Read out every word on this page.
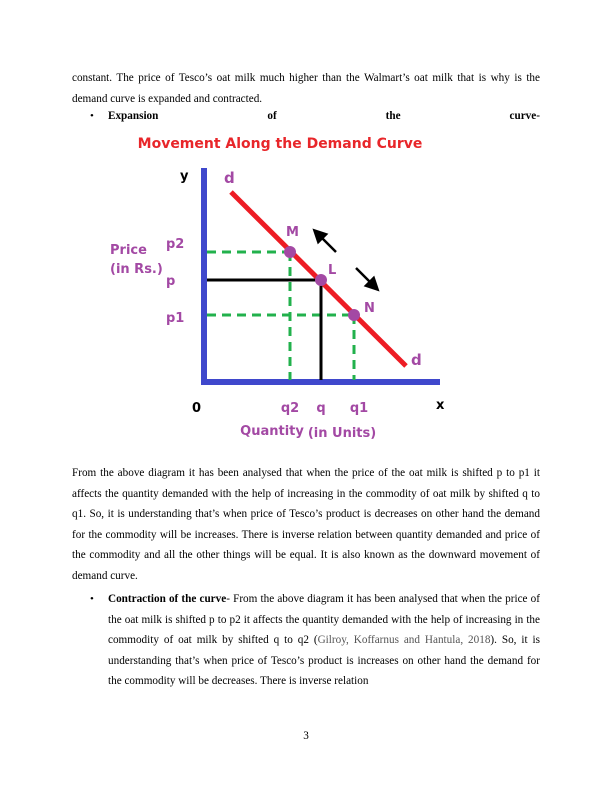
constant. The price of Tesco’s oat milk much higher than the Walmart’s oat milk that is why is the demand curve is expanded and contracted.

• Expansion	of	the	curve-
Movement Along the Demand Curve
y
x
0
d
d
M
L
N
p2
p
p1
Price
(in Rs.)
q2 q q1
Quantity (in Units)

From the above diagram it has been analysed that when the price of the oat milk is shifted p to p1 it affects the quantity demanded with the help of increasing in the commodity of oat milk by shifted q to q1. So, it is understanding that’s when price of Tesco’s product is decreases on other hand the demand for the commodity will be increases. There is inverse relation between quantity demanded and price of the commodity and all the other things will be equal. It is also known as the downward movement of demand curve.

• Contraction of the curve- From the above diagram it has been analysed that when the price of the oat milk is shifted p to p2 it affects the quantity demanded with the help of increasing in the commodity of oat milk by shifted q to q2 (Gilroy, Koffarnus and Hantula, 2018). So, it is understanding that’s when price of Tesco’s product is increases on other hand the demand for the commodity will be decreases. There is inverse relation
3
